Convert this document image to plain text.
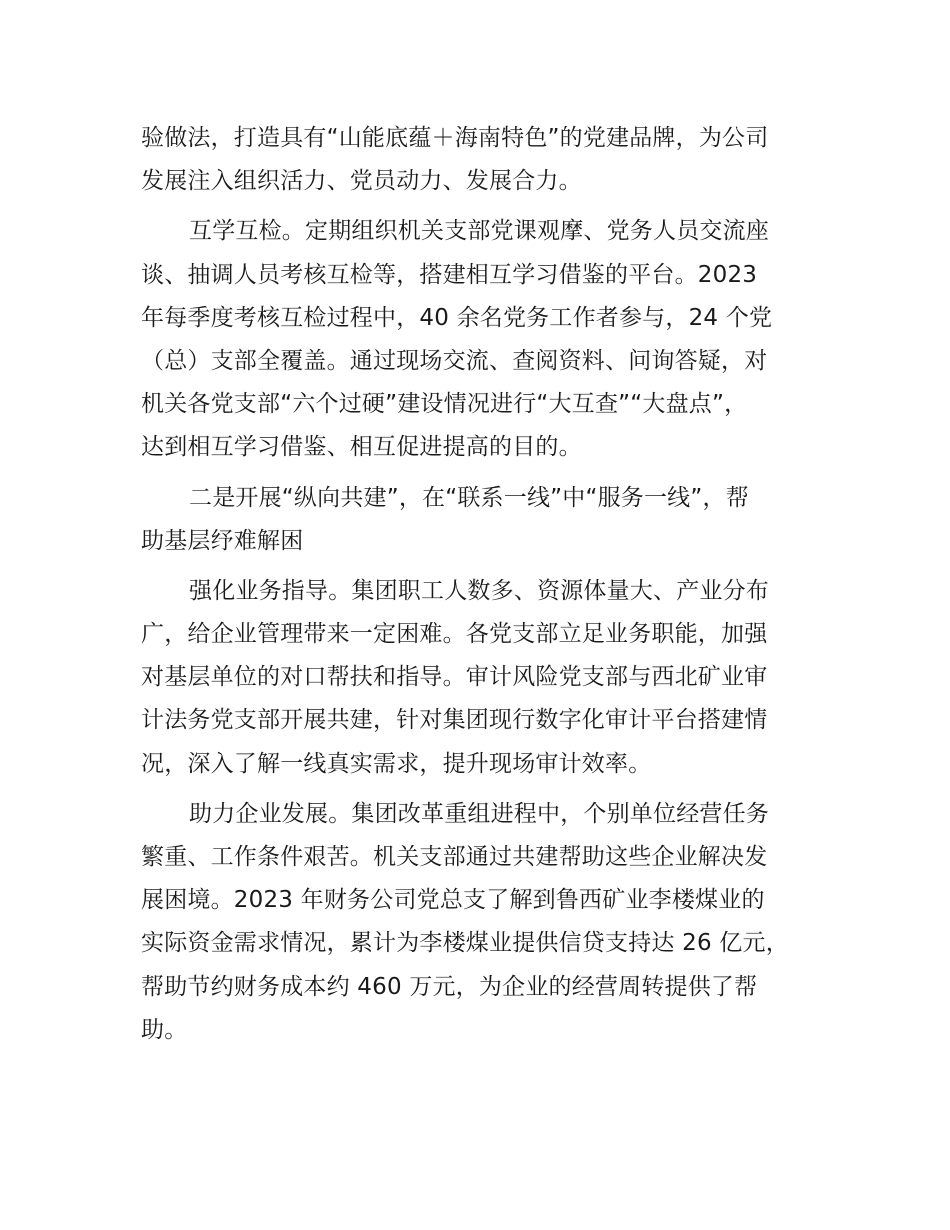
验做法，打造具有“山能底蕴＋海南特色”的党建品牌，为公司
发展注入组织活力、党员动力、发展合力。

互学互检。定期组织机关支部党课观摩、党务人员交流座
谈、抽调人员考核互检等，搭建相互学习借鉴的平台。2023
年每季度考核互检过程中，40 余名党务工作者参与，24 个党
（总）支部全覆盖。通过现场交流、查阅资料、问询答疑，对
机关各党支部“六个过硬”建设情况进行“大互查”“大盘点”，
达到相互学习借鉴、相互促进提高的目的。

二是开展“纵向共建”，在“联系一线”中“服务一线”，帮
助基层纾难解困

强化业务指导。集团职工人数多、资源体量大、产业分布
广，给企业管理带来一定困难。各党支部立足业务职能，加强
对基层单位的对口帮扶和指导。审计风险党支部与西北矿业审
计法务党支部开展共建，针对集团现行数字化审计平台搭建情
况，深入了解一线真实需求，提升现场审计效率。

助力企业发展。集团改革重组进程中，个别单位经营任务
繁重、工作条件艰苦。机关支部通过共建帮助这些企业解决发
展困境。2023 年财务公司党总支了解到鲁西矿业李楼煤业的
实际资金需求情况，累计为李楼煤业提供信贷支持达 26 亿元，
帮助节约财务成本约 460 万元，为企业的经营周转提供了帮
助。
